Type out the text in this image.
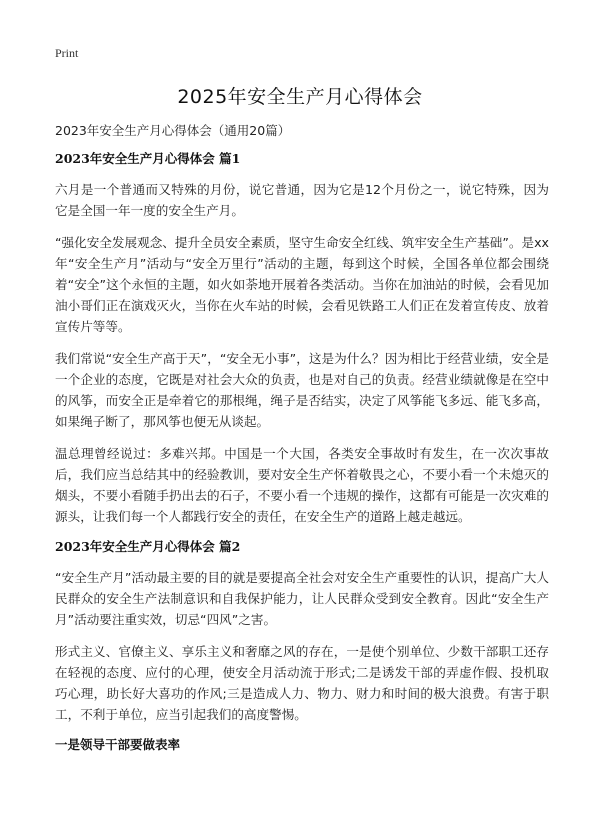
Print
2025年安全生产月心得体会
2023年安全生产月心得体会（通用20篇）
2023年安全生产月心得体会 篇1

六月是一个普通而又特殊的月份，说它普通，因为它是12个月份之一，说它特殊，因为它是全国一年一度的安全生产月。

“强化安全发展观念、提升全员安全素质，坚守生命安全红线、筑牢安全生产基础”。是xx年“安全生产月”活动与“安全万里行”活动的主题，每到这个时候，全国各单位都会围绕着“安全”这个永恒的主题，如火如荼地开展着各类活动。当你在加油站的时候，会看见加油小哥们正在演戏灭火，当你在火车站的时候，会看见铁路工人们正在发着宣传皮、放着宣传片等等。

我们常说“安全生产高于天”，“安全无小事”，这是为什么？因为相比于经营业绩，安全是一个企业的态度，它既是对社会大众的负责，也是对自己的负责。经营业绩就像是在空中的风筝，而安全正是牵着它的那根绳，绳子是否结实，决定了风筝能飞多远、能飞多高，如果绳子断了，那风筝也便无从谈起。

温总理曾经说过：多难兴邦。中国是一个大国，各类安全事故时有发生，在一次次事故后，我们应当总结其中的经验教训，要对安全生产怀着敬畏之心，不要小看一个未熄灭的烟头，不要小看随手扔出去的石子，不要小看一个违规的操作，这都有可能是一次灾难的源头，让我们每一个人都践行安全的责任，在安全生产的道路上越走越远。

2023年安全生产月心得体会 篇2

“安全生产月”活动最主要的目的就是要提高全社会对安全生产重要性的认识，提高广大人民群众的安全生产法制意识和自我保护能力，让人民群众受到安全教育。因此“安全生产月”活动要注重实效，切忌“四风”之害。

形式主义、官僚主义、享乐主义和奢靡之风的存在，一是使个别单位、少数干部职工还存在轻视的态度、应付的心理，使安全月活动流于形式;二是诱发干部的弄虚作假、投机取巧心理，助长好大喜功的作风;三是造成人力、物力、财力和时间的极大浪费。有害于职工，不利于单位，应当引起我们的高度警惕。

一是领导干部要做表率
